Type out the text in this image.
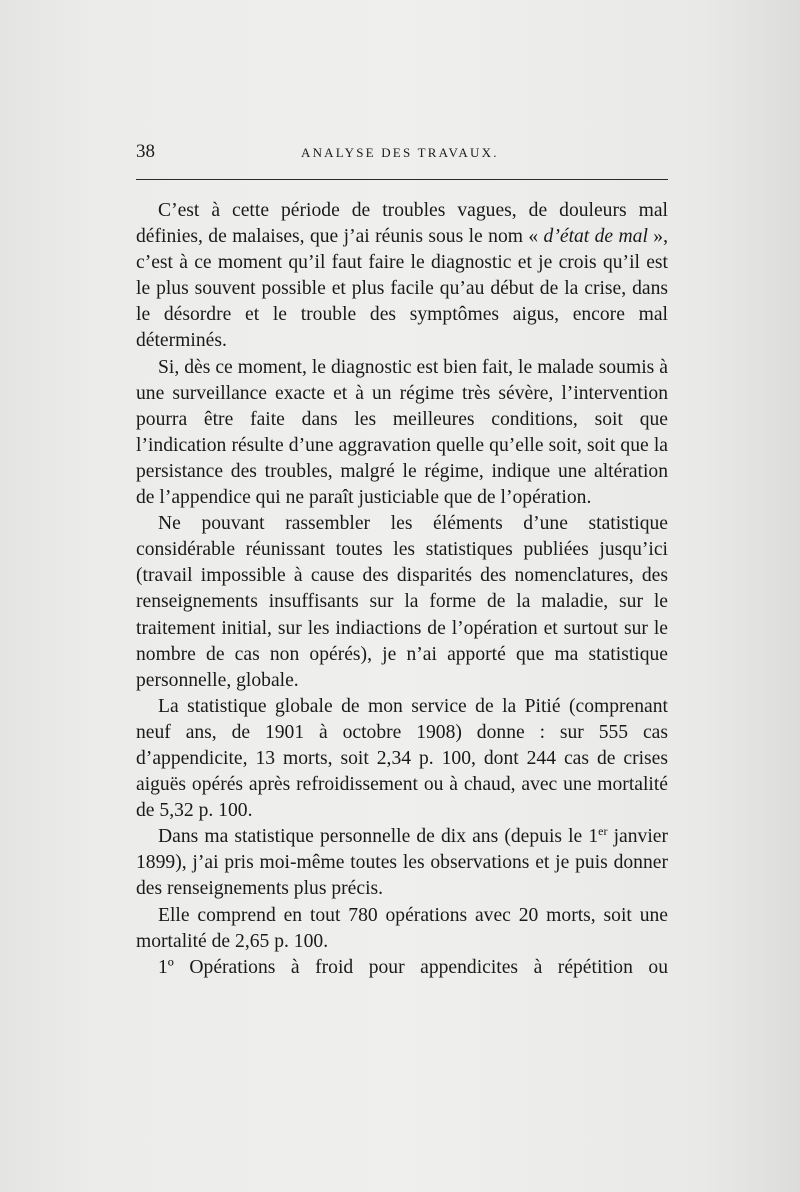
38	ANALYSE DES TRAVAUX.

C’est à cette période de troubles vagues, de douleurs mal définies, de malaises, que j’ai réunis sous le nom « d’état de mal », c’est à ce moment qu’il faut faire le diagnostic et je crois qu’il est le plus souvent possible et plus facile qu’au début de la crise, dans le désordre et le trouble des symptômes aigus, encore mal déterminés.

Si, dès ce moment, le diagnostic est bien fait, le malade soumis à une surveillance exacte et à un régime très sévère, l’intervention pourra être faite dans les meilleures conditions, soit que l’indication résulte d’une aggravation quelle qu’elle soit, soit que la persistance des troubles, malgré le régime, indique une altération de l’appendice qui ne paraît justiciable que de l’opération.

Ne pouvant rassembler les éléments d’une statistique considérable réunissant toutes les statistiques publiées jusqu’ici (travail impossible à cause des disparités des nomenclatures, des renseignements insuffisants sur la forme de la maladie, sur le traitement initial, sur les indiactions de l’opération et surtout sur le nombre de cas non opérés), je n’ai apporté que ma statistique personnelle, globale.

La statistique globale de mon service de la Pitié (comprenant neuf ans, de 1901 à octobre 1908) donne : sur 555 cas d’appendicite, 13 morts, soit 2,34 p. 100, dont 244 cas de crises aiguës opérés après refroidissement ou à chaud, avec une mortalité de 5,32 p. 100.

Dans ma statistique personnelle de dix ans (depuis le 1er janvier 1899), j’ai pris moi-même toutes les observations et je puis donner des renseignements plus précis.

Elle comprend en tout 780 opérations avec 20 morts, soit une mortalité de 2,65 p. 100.

1º Opérations à froid pour appendicites à répétition ou
